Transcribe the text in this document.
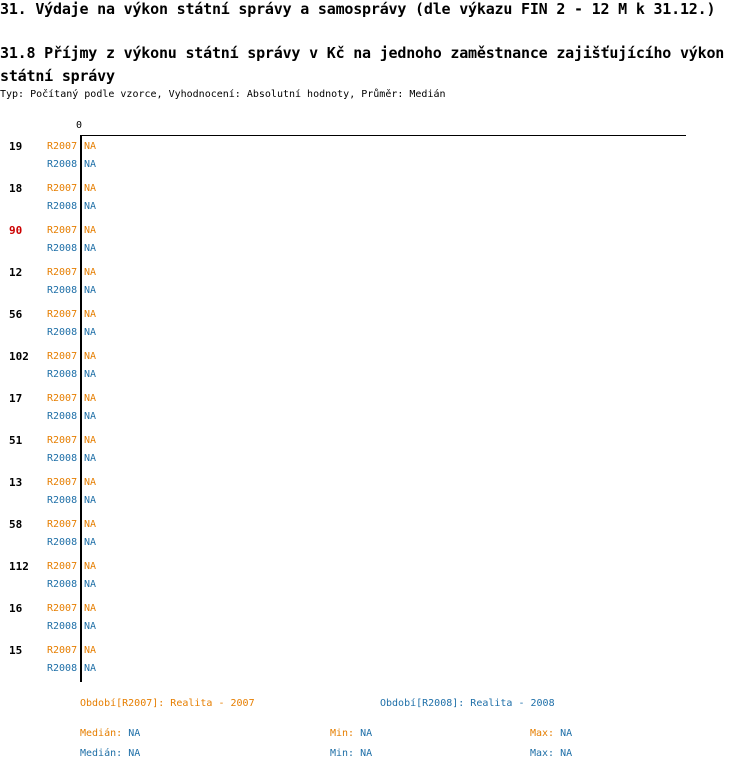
31. Výdaje na výkon státní správy a samosprávy (dle výkazu FIN 2 - 12 M k 31.12.)
31.8 Příjmy z výkonu státní správy v Kč na jednoho zaměstnance zajišťujícího výkon státní správy
Typ: Počítaný podle vzorce, Vyhodnocení: Absolutní hodnoty, Průměr: Medián
0
19 R2007 NA
R2008 NA
18 R2007 NA
R2008 NA
90 R2007 NA
R2008 NA
12 R2007 NA
R2008 NA
56 R2007 NA
R2008 NA
102 R2007 NA
R2008 NA
17 R2007 NA
R2008 NA
51 R2007 NA
R2008 NA
13 R2007 NA
R2008 NA
58 R2007 NA
R2008 NA
112 R2007 NA
R2008 NA
16 R2007 NA
R2008 NA
15 R2007 NA
R2008 NA
Období[R2007]: Realita - 2007	Období[R2008]: Realita - 2008
Medián: NA	Min: NA	Max: NA
Medián: NA	Min: NA	Max: NA
